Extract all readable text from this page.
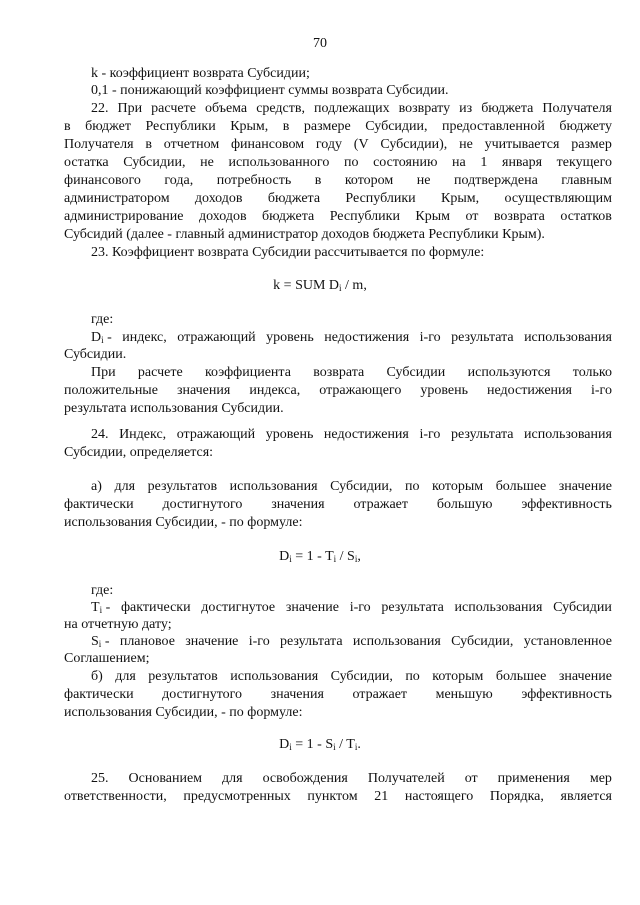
70
k - коэффициент возврата Субсидии;
0,1 - понижающий коэффициент суммы возврата Субсидии.
22. При расчете объема средств, подлежащих возврату из бюджета Получателя
в бюджет Республики Крым, в размере Субсидии, предоставленной бюджету
Получателя в отчетном финансовом году (V Субсидии), не учитывается размер
остатка Субсидии, не использованного по состоянию на 1 января текущего
финансового года, потребность в котором не подтверждена главным
администратором доходов бюджета Республики Крым, осуществляющим
администрирование доходов бюджета Республики Крым от возврата остатков
Субсидий (далее - главный администратор доходов бюджета Республики Крым).
23. Коэффициент возврата Субсидии рассчитывается по формуле:
k = SUM $D_i$ / m,
где:
$D_i$ - индекс, отражающий уровень недостижения i-го результата использования
Субсидии.
При расчете коэффициента возврата Субсидии используются только
положительные значения индекса, отражающего уровень недостижения i-го
результата использования Субсидии.
24. Индекс, отражающий уровень недостижения i-го результата использования
Субсидии, определяется:
а) для результатов использования Субсидии, по которым большее значение
фактически достигнутого значения отражает большую эффективность
использования Субсидии, - по формуле:
$D_i = 1 - T_i / S_i$,
где:
$T_i$ - фактически достигнутое значение i-го результата использования Субсидии
на отчетную дату;
$S_i$ - плановое значение i-го результата использования Субсидии, установленное
Соглашением;
б) для результатов использования Субсидии, по которым большее значение
фактически достигнутого значения отражает меньшую эффективность
использования Субсидии, - по формуле:
$D_i = 1 - S_i / T_i$.
25. Основанием для освобождения Получателей от применения мер
ответственности, предусмотренных пунктом 21 настоящего Порядка, является
